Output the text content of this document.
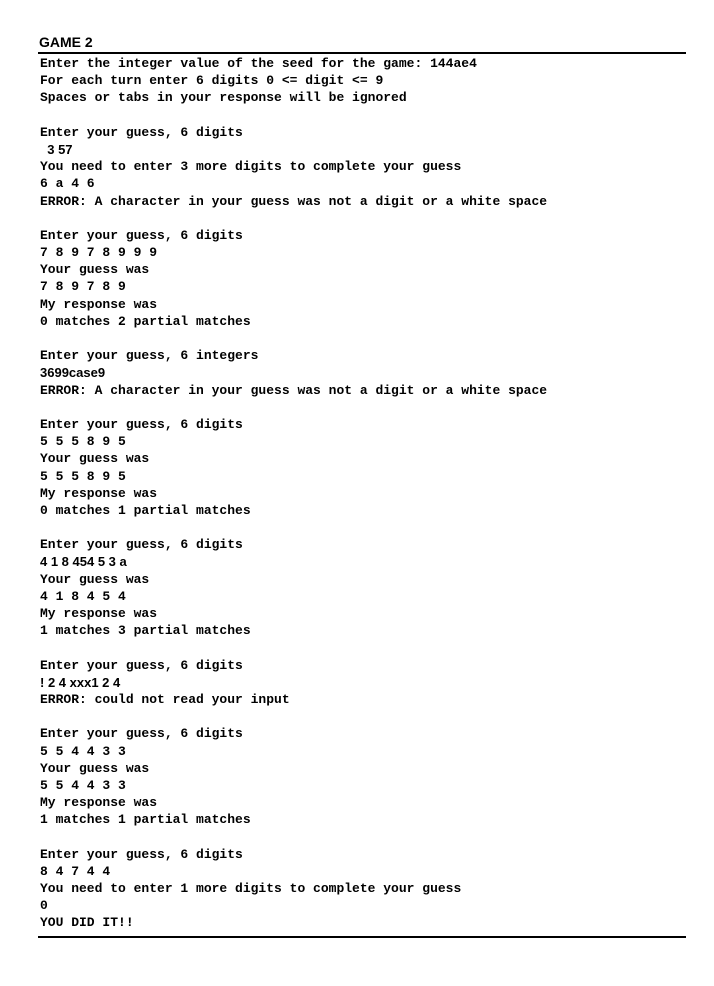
GAME 2
Enter the integer value of the seed for the game: 144ae4
For each turn enter 6 digits 0 <= digit <= 9
Spaces or tabs in your response will be ignored
Enter your guess, 6 digits
3 57
You need to enter 3 more digits to complete your guess
6 a 4 6
ERROR: A character in your guess was not a digit or a white space
Enter your guess, 6 digits
7 8 9 7 8 9 9 9
Your guess was
7 8 9 7 8 9
My response was
0 matches 2 partial matches
Enter your guess, 6 integers
3699case9
ERROR: A character in your guess was not a digit or a white space
Enter your guess, 6 digits
5 5 5 8 9 5
Your guess was
5 5 5 8 9 5
My response was
0 matches 1 partial matches
Enter your guess, 6 digits
4 1 8 454 5 3 a
Your guess was
4 1 8 4 5 4
My response was
1 matches 3 partial matches
Enter your guess, 6 digits
! 2 4 xxx1 2 4
ERROR: could not read your input
Enter your guess, 6 digits
5 5 4 4 3 3
Your guess was
5 5 4 4 3 3
My response was
1 matches 1 partial matches
Enter your guess, 6 digits
8 4 7 4 4
You need to enter 1 more digits to complete your guess
0
YOU DID IT!!
